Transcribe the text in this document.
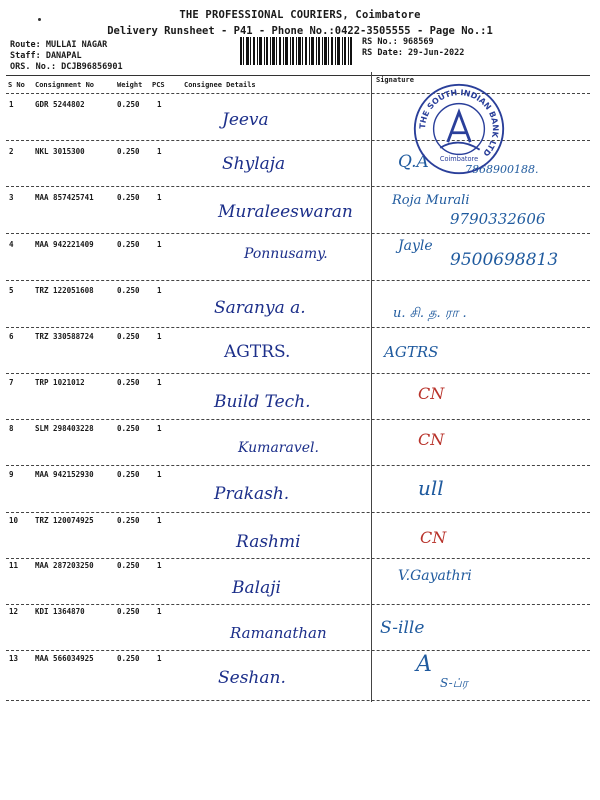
THE PROFESSIONAL COURIERS, Coimbatore
Delivery Runsheet - P41 - Phone No.:0422-3505555 - Page No.:1
Route: MULLAI NAGAR
Staff: DANAPAL
ORS. No.: DCJB96856901
RS No.: 968569
RS Date: 29-Jun-2022
S No Consignment No	Weight PCS	Consignee Details
Signature
1	GDR 5244802	0.250 1
Jeeva
2	NKL 3015300	0.250 1
Shylaja	Q.A	7868900188.
3	MAA 857425741	0.250 1
Muraleeswaran
Roja Murali
9790332606
4	MAA 942221409	0.250 1
Ponnusamy.	Jayle
9500698813
5	TRZ 122051608	0.250 1
Saranya a.	u. சி. த. ரா .
6	TRZ 330588724	0.250 1
AGTRS.	AGTRS
7	TRP 1021012	0.250 1
Build Tech.	CN
8	SLM 298403228	0.250 1
Kumaravel.	CN
9	MAA 942152930	0.250 1
Prakash.	ull
10 TRZ 120074925	0.250 1
Rashmi	CN
11 MAA 287203250	0.250 1
Balaji
V.Gayathri
12 KDI 1364870	0.250 1
Ramanathan	S-ille
13 MAA 566034925	0.250 1
Seshan.
A
S-ப்ர
THE SOUTH INDIAN BANK LTD
Coimbatore
